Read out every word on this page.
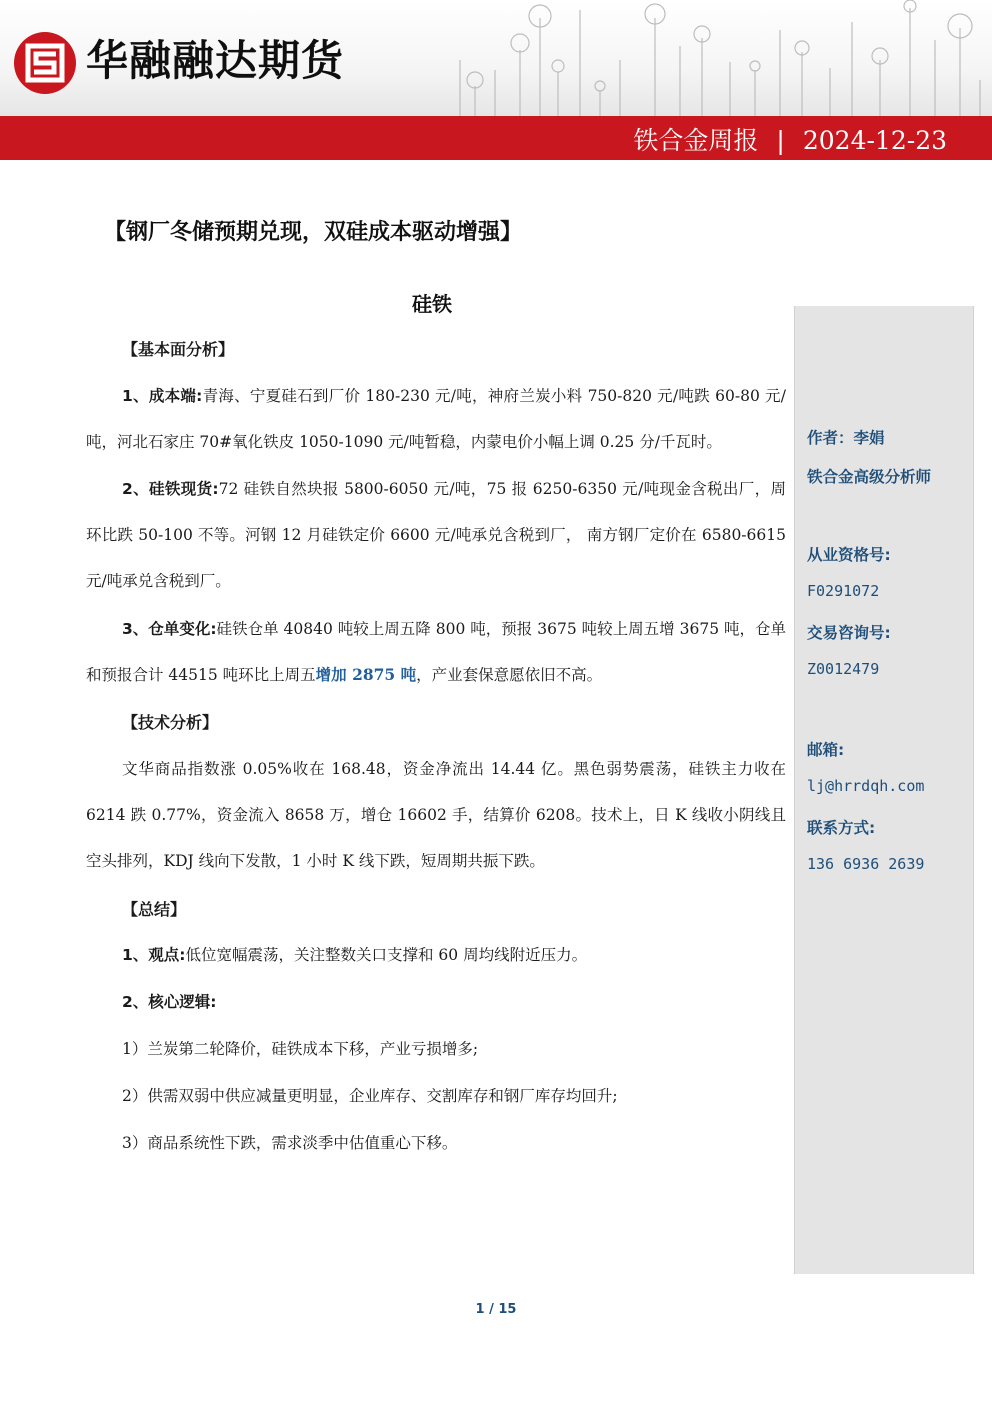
华融融达期货
铁合金周报 | 2024-12-23
【钢厂冬储预期兑现，双硅成本驱动增强】
硅铁
【基本面分析】
1、成本端:青海、宁夏硅石到厂价 180-230 元/吨，神府兰炭小料 750-820 元/吨跌 60-80 元/吨，河北石家庄 70#氧化铁皮 1050-1090 元/吨暂稳，内蒙电价小幅上调 0.25 分/千瓦时。
2、硅铁现货:72 硅铁自然块报 5800-6050 元/吨，75 报 6250-6350 元/吨现金含税出厂，周环比跌 50-100 不等。河钢 12 月硅铁定价 6600 元/吨承兑含税到厂， 南方钢厂定价在 6580-6615 元/吨承兑含税到厂。
3、仓单变化:硅铁仓单 40840 吨较上周五降 800 吨，预报 3675 吨较上周五增 3675 吨，仓单和预报合计 44515 吨环比上周五增加 2875 吨，产业套保意愿依旧不高。
【技术分析】
文华商品指数涨 0.05%收在 168.48，资金净流出 14.44 亿。黑色弱势震荡，硅铁主力收在 6214 跌 0.77%，资金流入 8658 万，增仓 16602 手，结算价 6208。技术上，日 K 线收小阴线且空头排列，KDJ 线向下发散，1 小时 K 线下跌，短周期共振下跌。
【总结】
1、观点:低位宽幅震荡，关注整数关口支撑和 60 周均线附近压力。
2、核心逻辑:
1）兰炭第二轮降价，硅铁成本下移，产业亏损增多;
2）供需双弱中供应减量更明显，企业库存、交割库存和钢厂库存均回升;
3）商品系统性下跌，需求淡季中估值重心下移。
作者：李娟
铁合金高级分析师
从业资格号:
F0291072
交易咨询号:
Z0012479
邮箱:
lj@hrrdqh.com
联系方式:
136 6936 2639
1 / 15
